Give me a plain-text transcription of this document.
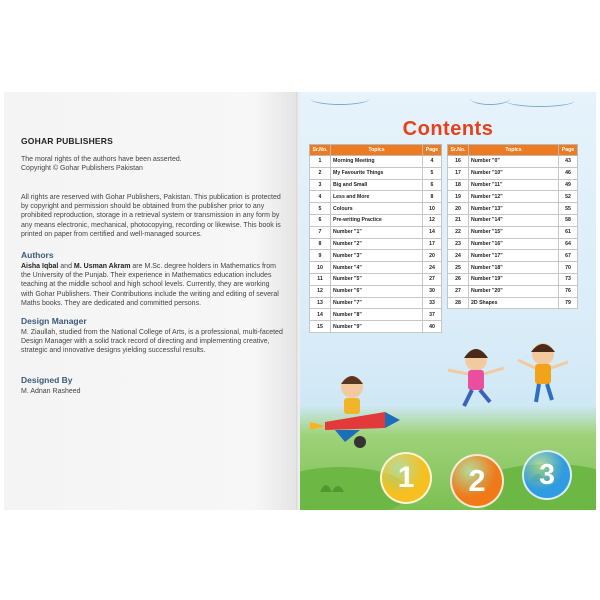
GOHAR PUBLISHERS
The moral rights of the authors have been asserted.
Copyright © Gohar Publishers Pakistan
All rights are reserved with Gohar Publishers, Pakistan. This publication is protected by copyright and permission should be obtained from the publisher prior to any prohibited reproduction, storage in a retrieval system or transmission in any form by any means electronic, mechanical, photocopying, recording or likewise. This book is printed on paper from certified and well-managed sources.
Authors
Aisha Iqbal and M. Usman Akram are M.Sc. degree holders in Mathematics from the University of the Punjab. Their experience in Mathematics education includes teaching at the middle school and high school levels. Currently, they are working with Gohar Publishers. Their Contributions include the writing and editing of several Maths books. They are dedicated and committed persons.
Design Manager
M. Ziaullah, studied from the National College of Arts, is a professional, multi-faceted Design Manager with a solid track record of directing and implementing creative, strategic and innovative designs yielding successful results.
Designed By
M. Adnan Rasheed
Contents
Sr.No.	Topics	Page
1	Morning Meeting	4
2	My Favourite Things	5
3	Big and Small	6
4	Less and More	8
5	Colours	10
6	Pre-writing Practice	12
7	Number "1"	14
8	Number "2"	17
9	Number "3"	20
10	Number "4"	24
11	Number "5"	27
12	Number "6"	30
13	Number "7"	33
14	Number "8"	37
15	Number "9"	40
Sr.No.	Topics	Page
16	Number "0"	43
17	Number "10"	46
18	Number "11"	49
19	Number "12"	52
20	Number "13"	55
21	Number "14"	58
22	Number "15"	61
23	Number "16"	64
24	Number "17"	67
25	Number "18"	70
26	Number "19"	73
27	Number "20"	76
28	2D Shapes	79
1	2	3
